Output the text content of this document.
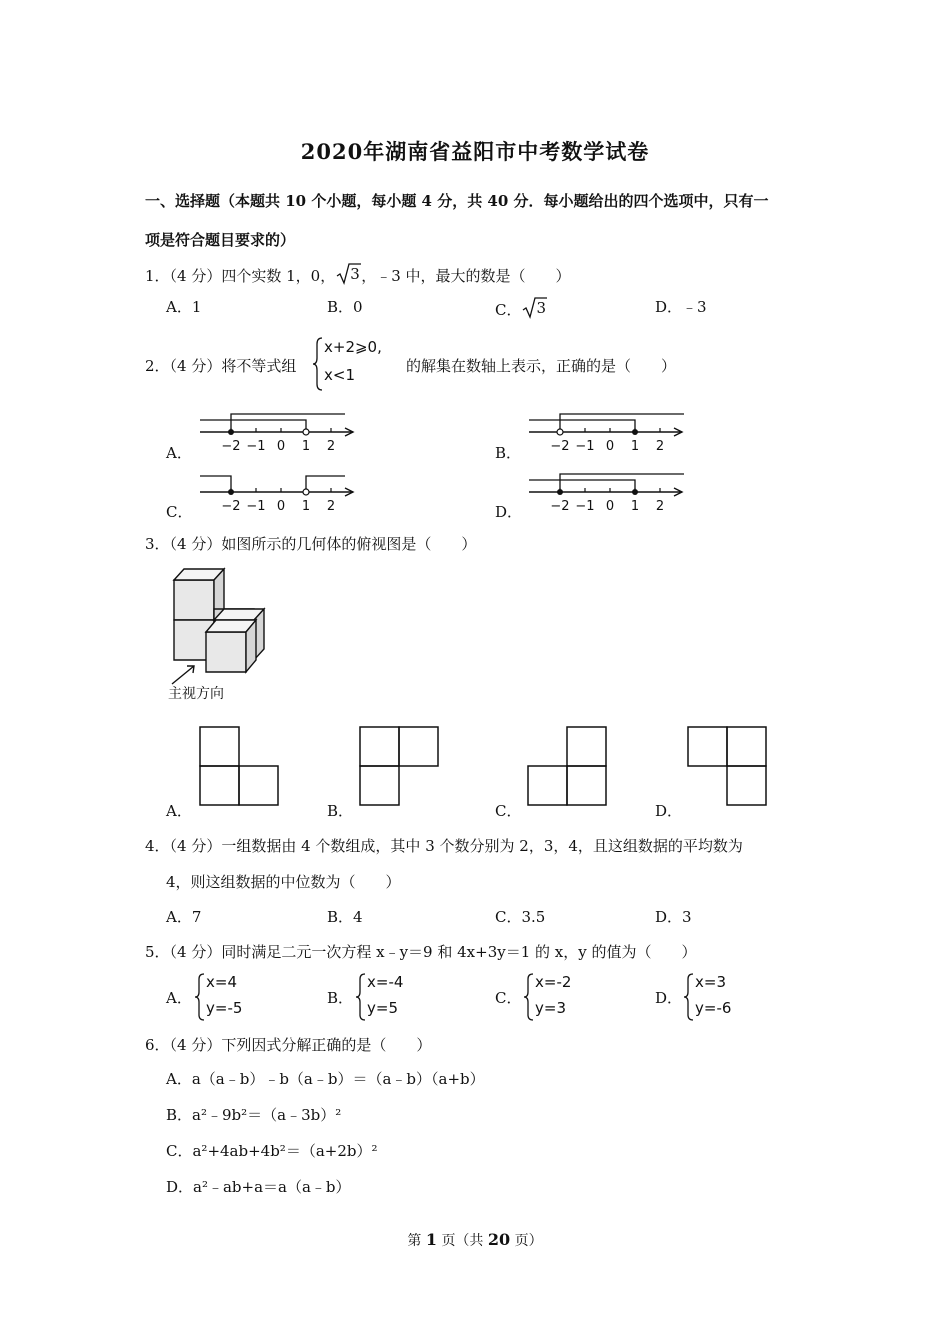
2020年湖南省益阳市中考数学试卷
一、选择题（本题共 10 个小题，每小题 4 分，共 40 分．每小题给出的四个选项中，只有一
项是符合题目要求的）
1．（4 分）四个实数 1，0， 3 ，﹣3 中，最大的数是（　　）
A．1	B．0	C． 3	D．﹣3
2．（4 分）将不等式组
x+2⩾0,
x<1	的解集在数轴上表示，正确的是（　　）
A．	B．
C．	D．
−2 −1 0 1 2	−2 −1 0 1 2
−2 −1 0 1 2	−2 −1 0 1 2
3．（4 分）如图所示的几何体的俯视图是（　　）
主视方向
A．	B．	C．	D．
4．（4 分）一组数据由 4 个数组成，其中 3 个数分别为 2，3，4，且这组数据的平均数为
4，则这组数据的中位数为（　　）
A．7	B．4	C．3.5	D．3
5．（4 分）同时满足二元一次方程 x﹣y＝9 和 4x+3y＝1 的 x，y 的值为（　　）
A．
x=4
y=-5
B．
x=-4
y=5
C．
x=-2
y=3
D．
x=3
y=-6
6．（4 分）下列因式分解正确的是（　　）
A．a（a﹣b）﹣b（a﹣b）＝（a﹣b）（a+b）
B．a²﹣9b²＝（a﹣3b）²
C．a²+4ab+4b²＝（a+2b）²
D．a²﹣ab+a＝a（a﹣b）
第 1 页（共 20 页）
